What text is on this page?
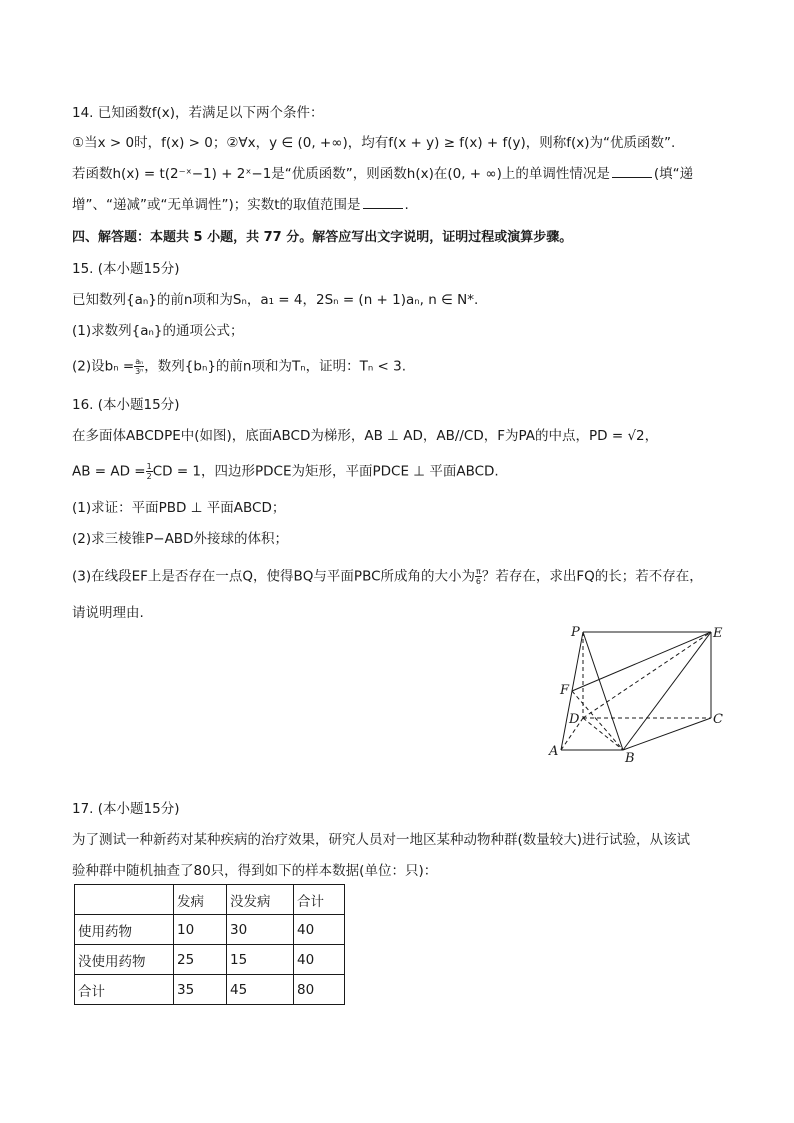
14. 已知函数f(x)，若满足以下两个条件：
①当x > 0时，f(x) > 0；②∀x，y ∈ (0, +∞)，均有f(x + y) ≥ f(x) + f(y)，则称f(x)为“优质函数”.
若函数h(x) = t(2⁻ˣ−1) + 2ˣ−1是“优质函数”，则函数h(x)在(0, + ∞)上的单调性情况是	(填“递
增”、“递减”或“无单调性”)；实数t的取值范围是	.
四、解答题：本题共 5 小题，共 77 分。解答应写出文字说明，证明过程或演算步骤。
15. (本小题15分)
已知数列{aₙ}的前n项和为Sₙ，a₁ = 4，2Sₙ = (n + 1)aₙ, n ∈ N*.
(1)求数列{aₙ}的通项公式；
(2)设$b_n = \frac{\text{aₙ}}{\text{3ⁿ}}$ ，数列{bₙ}的前n项和为Tₙ，证明：Tₙ < 3.
16. (本小题15分)
在多面体ABCDPE中(如图)，底面ABCD为梯形，AB ⊥ AD，AB//CD，F为PA的中点，PD = √2，
AB = AD = $\frac{1}{2}$ CD = 1，四边形PDCE为矩形，平面PDCE ⊥ 平面ABCD.
(1)求证：平面PBD ⊥ 平面ABCD；
(2)求三棱锥P−ABD外接球的体积；
(3)在线段EF上是否存在一点Q，使得BQ与平面PBC所成角的大小为 $\frac{\pi}{6}$ ？若存在，求出FQ的长；若不存在，
请说明理由.
P	E
F
D	C
A	B
17. (本小题15分)
为了测试一种新药对某种疾病的治疗效果，研究人员对一地区某种动物种群(数量较大)进行试验，从该试
验种群中随机抽查了80只，得到如下的样本数据(单位：只)：
	发病	没发病	合计
使用药物	10	30	40
没使用药物	25	15	40
合计	35	45	80
